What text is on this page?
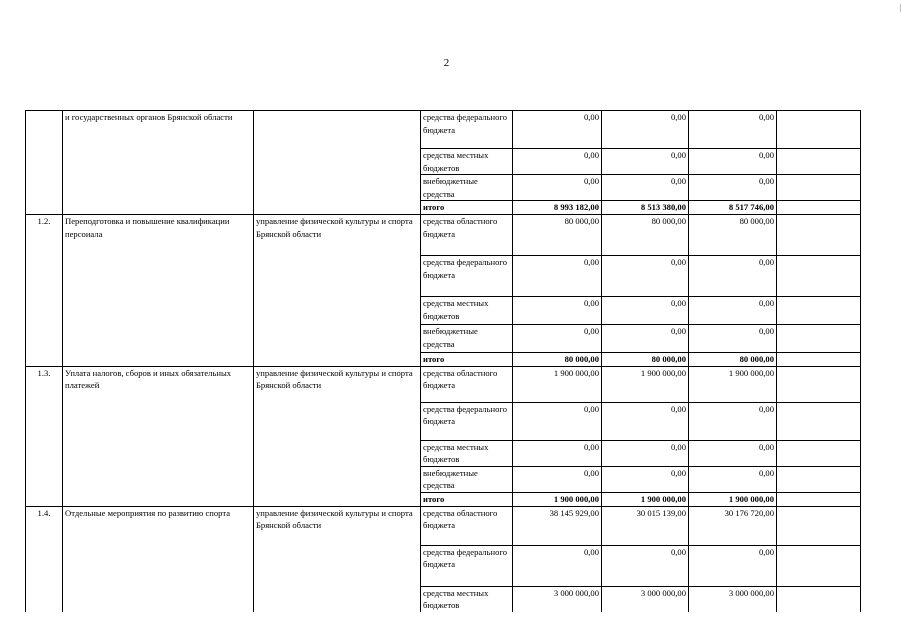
2
	и государственных органов Брянской области		средства федерального бюджета	0,00	0,00	0,00	
			средства местных бюджетов	0,00	0,00	0,00	
			внебюджетные средства	0,00	0,00	0,00	
			итого	8 993 182,00	8 513 380,00	8 517 746,00	
1.2.	Переподготовка и повышение квалификации персоиала	управление физической культуры и спорта Брянской области	средства областного бюджета	80 000,00	80 000,00	80 000,00	
			средства федерального бюджета	0,00	0,00	0,00	
			средства местных бюджетов	0,00	0,00	0,00	
			внебюджетные средства	0,00	0,00	0,00	
			итого	80 000,00	80 000,00	80 000,00	
1.3.	Уплата налогов, сборов и иных обязательных платежей	управление физической культуры и спорта Брянской области	средства областного бюджета	1 900 000,00	1 900 000,00	1 900 000,00	
			средства федерального бюджета	0,00	0,00	0,00	
			средства местных бюджетов	0,00	0,00	0,00	
			внебюджетные средства	0,00	0,00	0,00	
			итого	1 900 000,00	1 900 000,00	1 900 000,00	
1.4.	Отдельные мероприятия по развитию спорта	управление физической культуры и спорта Брянской области	средства областного бюджета	38 145 929,00	30 015 139,00	30 176 720,00	
			средства федерального бюджета	0,00	0,00	0,00	
			средства местных бюджетов	3 000 000,00	3 000 000,00	3 000 000,00	
